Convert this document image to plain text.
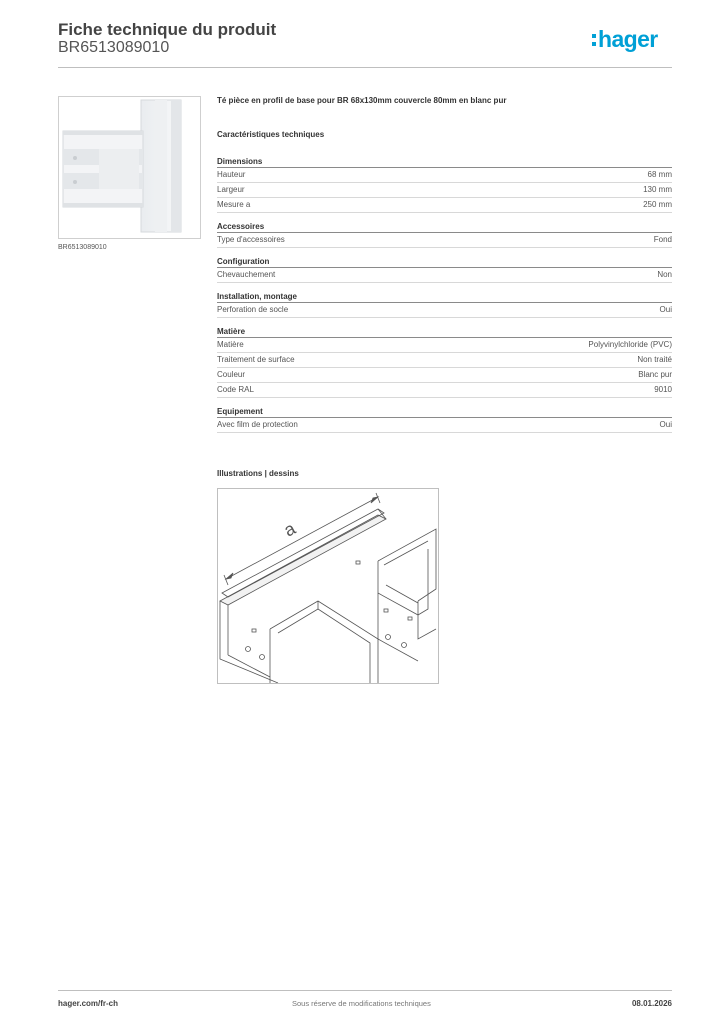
Fiche technique du produit
BR6513089010	hager
BR6513089010
Té pièce en profil de base pour BR 68x130mm couvercle 80mm en blanc pur
Caractéristiques techniques
Dimensions
Hauteur	68 mm
Largeur	130 mm
Mesure a	250 mm
Accessoires
Type d'accessoires	Fond
Configuration
Chevauchement	Non
Installation, montage
Perforation de socle	Oui
Matière
Matière	Polyvinylchloride (PVC)
Traitement de surface	Non traité
Couleur	Blanc pur
Code RAL	9010
Equipement
Avec film de protection	Oui
Illustrations | dessins
a
hager.com/fr-ch	Sous réserve de modifications techniques	08.01.2026
